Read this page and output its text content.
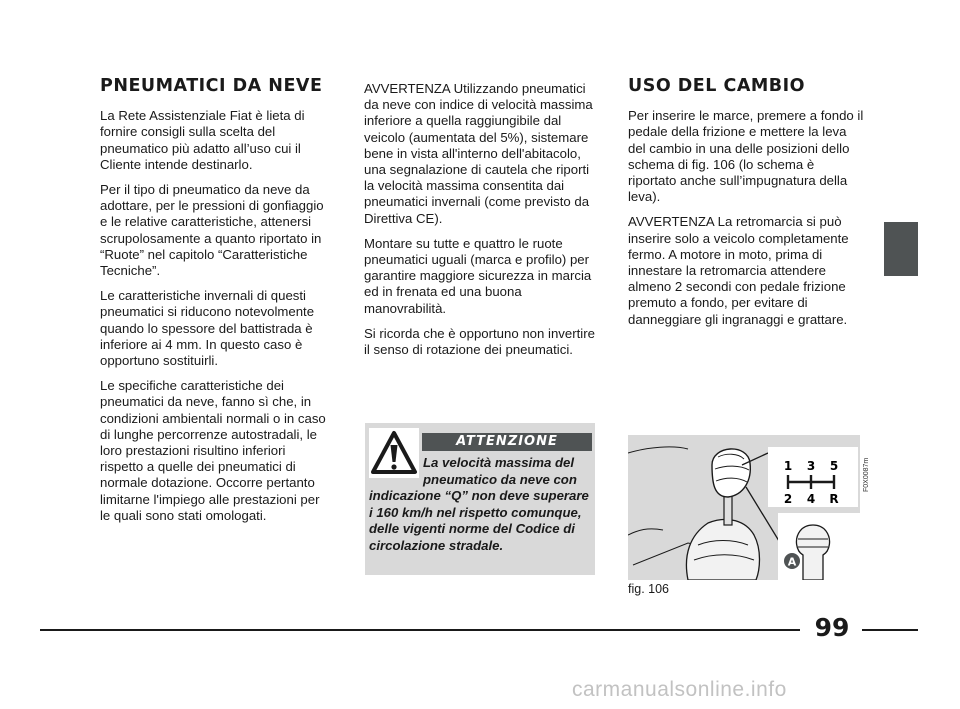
PNEUMATICI DA NEVE

La Rete Assistenziale Fiat è lieta di fornire consigli sulla scelta del pneumatico più adatto all’uso cui il Cliente intende destinarlo.

Per il tipo di pneumatico da neve da adottare, per le pressioni di gonfiaggio e le relative caratteristiche, attenersi scrupolosamente a quanto riportato in “Ruote” nel capitolo “Caratteristiche Tecniche”.

Le caratteristiche invernali di questi pneumatici si riducono notevolmente quando lo spessore del battistrada è inferiore ai 4 mm. In questo caso è opportuno sostituirli.

Le specifiche caratteristiche dei pneumatici da neve, fanno sì che, in condizioni ambientali normali o in caso di lunghe percorrenze autostradali, le loro prestazioni risultino inferiori rispetto a quelle dei pneumatici di normale dotazione. Occorre pertanto limitarne l'impiego alle prestazioni per le quali sono stati omologati.

AVVERTENZA Utilizzando pneumatici da neve con indice di velocità massima inferiore a quella raggiungibile dal veicolo (aumentata del 5%), sistemare bene in vista all'interno dell'abitacolo, una segnalazione di cautela che riporti la velocità massima consentita dai pneumatici invernali (come previsto da Direttiva CE).

Montare su tutte e quattro le ruote pneumatici uguali (marca e profilo) per garantire maggiore sicurezza in marcia ed in frenata ed una buona manovrabilità.

Si ricorda che è opportuno non invertire il senso di rotazione dei pneumatici.

ATTENZIONE
La velocità massima del pneumatico da neve con indicazione “Q” non deve superare i 160 km/h nel rispetto comunque, delle vigenti norme del Codice di circolazione stradale.
USO DEL CAMBIO

Per inserire le marce, premere a fondo il pedale della frizione e mettere la leva del cambio in una delle posizioni dello schema di fig. 106 (lo schema è riportato anche sull’impugnatura della leva).

AVVERTENZA La retromarcia si può inserire solo a veicolo completamente fermo. A motore in moto, prima di innestare la retromarcia attendere almeno 2 secondi con pedale frizione premuto a fondo, per evitare di danneggiare gli ingranaggi e grattare.

1 3 5
2 4 R
A
F0X0087m
fig. 106
99
carmanualsonline.info
